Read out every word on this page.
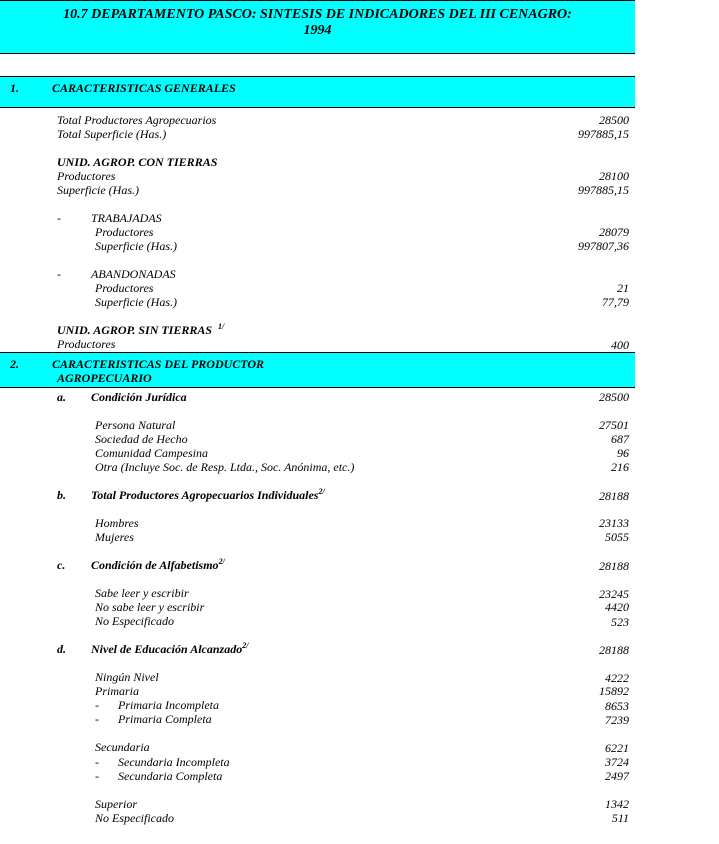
10.7 DEPARTAMENTO PASCO: SINTESIS DE INDICADORES DEL III CENAGRO:
1994
1.	CARACTERISTICAS GENERALES
Total Productores Agropecuarios	28500
Total Superficie (Has.)	997885,15
UNID. AGROP. CON TIERRAS
Productores	28100
Superficie (Has.)	997885,15
-	TRABAJADAS
Productores	28079
Superficie (Has.)	997807,36
-	ABANDONADAS
Productores	21
Superficie (Has.)	77,79
UNID. AGROP. SIN TIERRAS $^{1/}$
Productores	400
2.	CARACTERISTICAS DEL PRODUCTOR
AGROPECUARIO
a. Condición Jurídica	28500
Persona Natural	27501
Sociedad de Hecho	687
Comunidad Campesina	96
Otra (Incluye Soc. de Resp. Ltda., Soc. Anónima, etc.)	216
b. Total Productores Agropecuarios Individuales$^{2/}$	28188
Hombres	23133
Mujeres	5055
c. Condición de Alfabetismo$^{2/}$	28188
Sabe leer y escribir	23245
No sabe leer y escribir	4420
No Especificado	523
d. Nivel de Educación Alcanzado$^{2/}$	28188
Ningún Nivel	4222
Primaria	15892
- Primaria Incompleta	8653
- Primaria Completa	7239
Secundaria	6221
- Secundaria Incompleta	3724
- Secundaria Completa	2497
Superior	1342
No Especificado	511
